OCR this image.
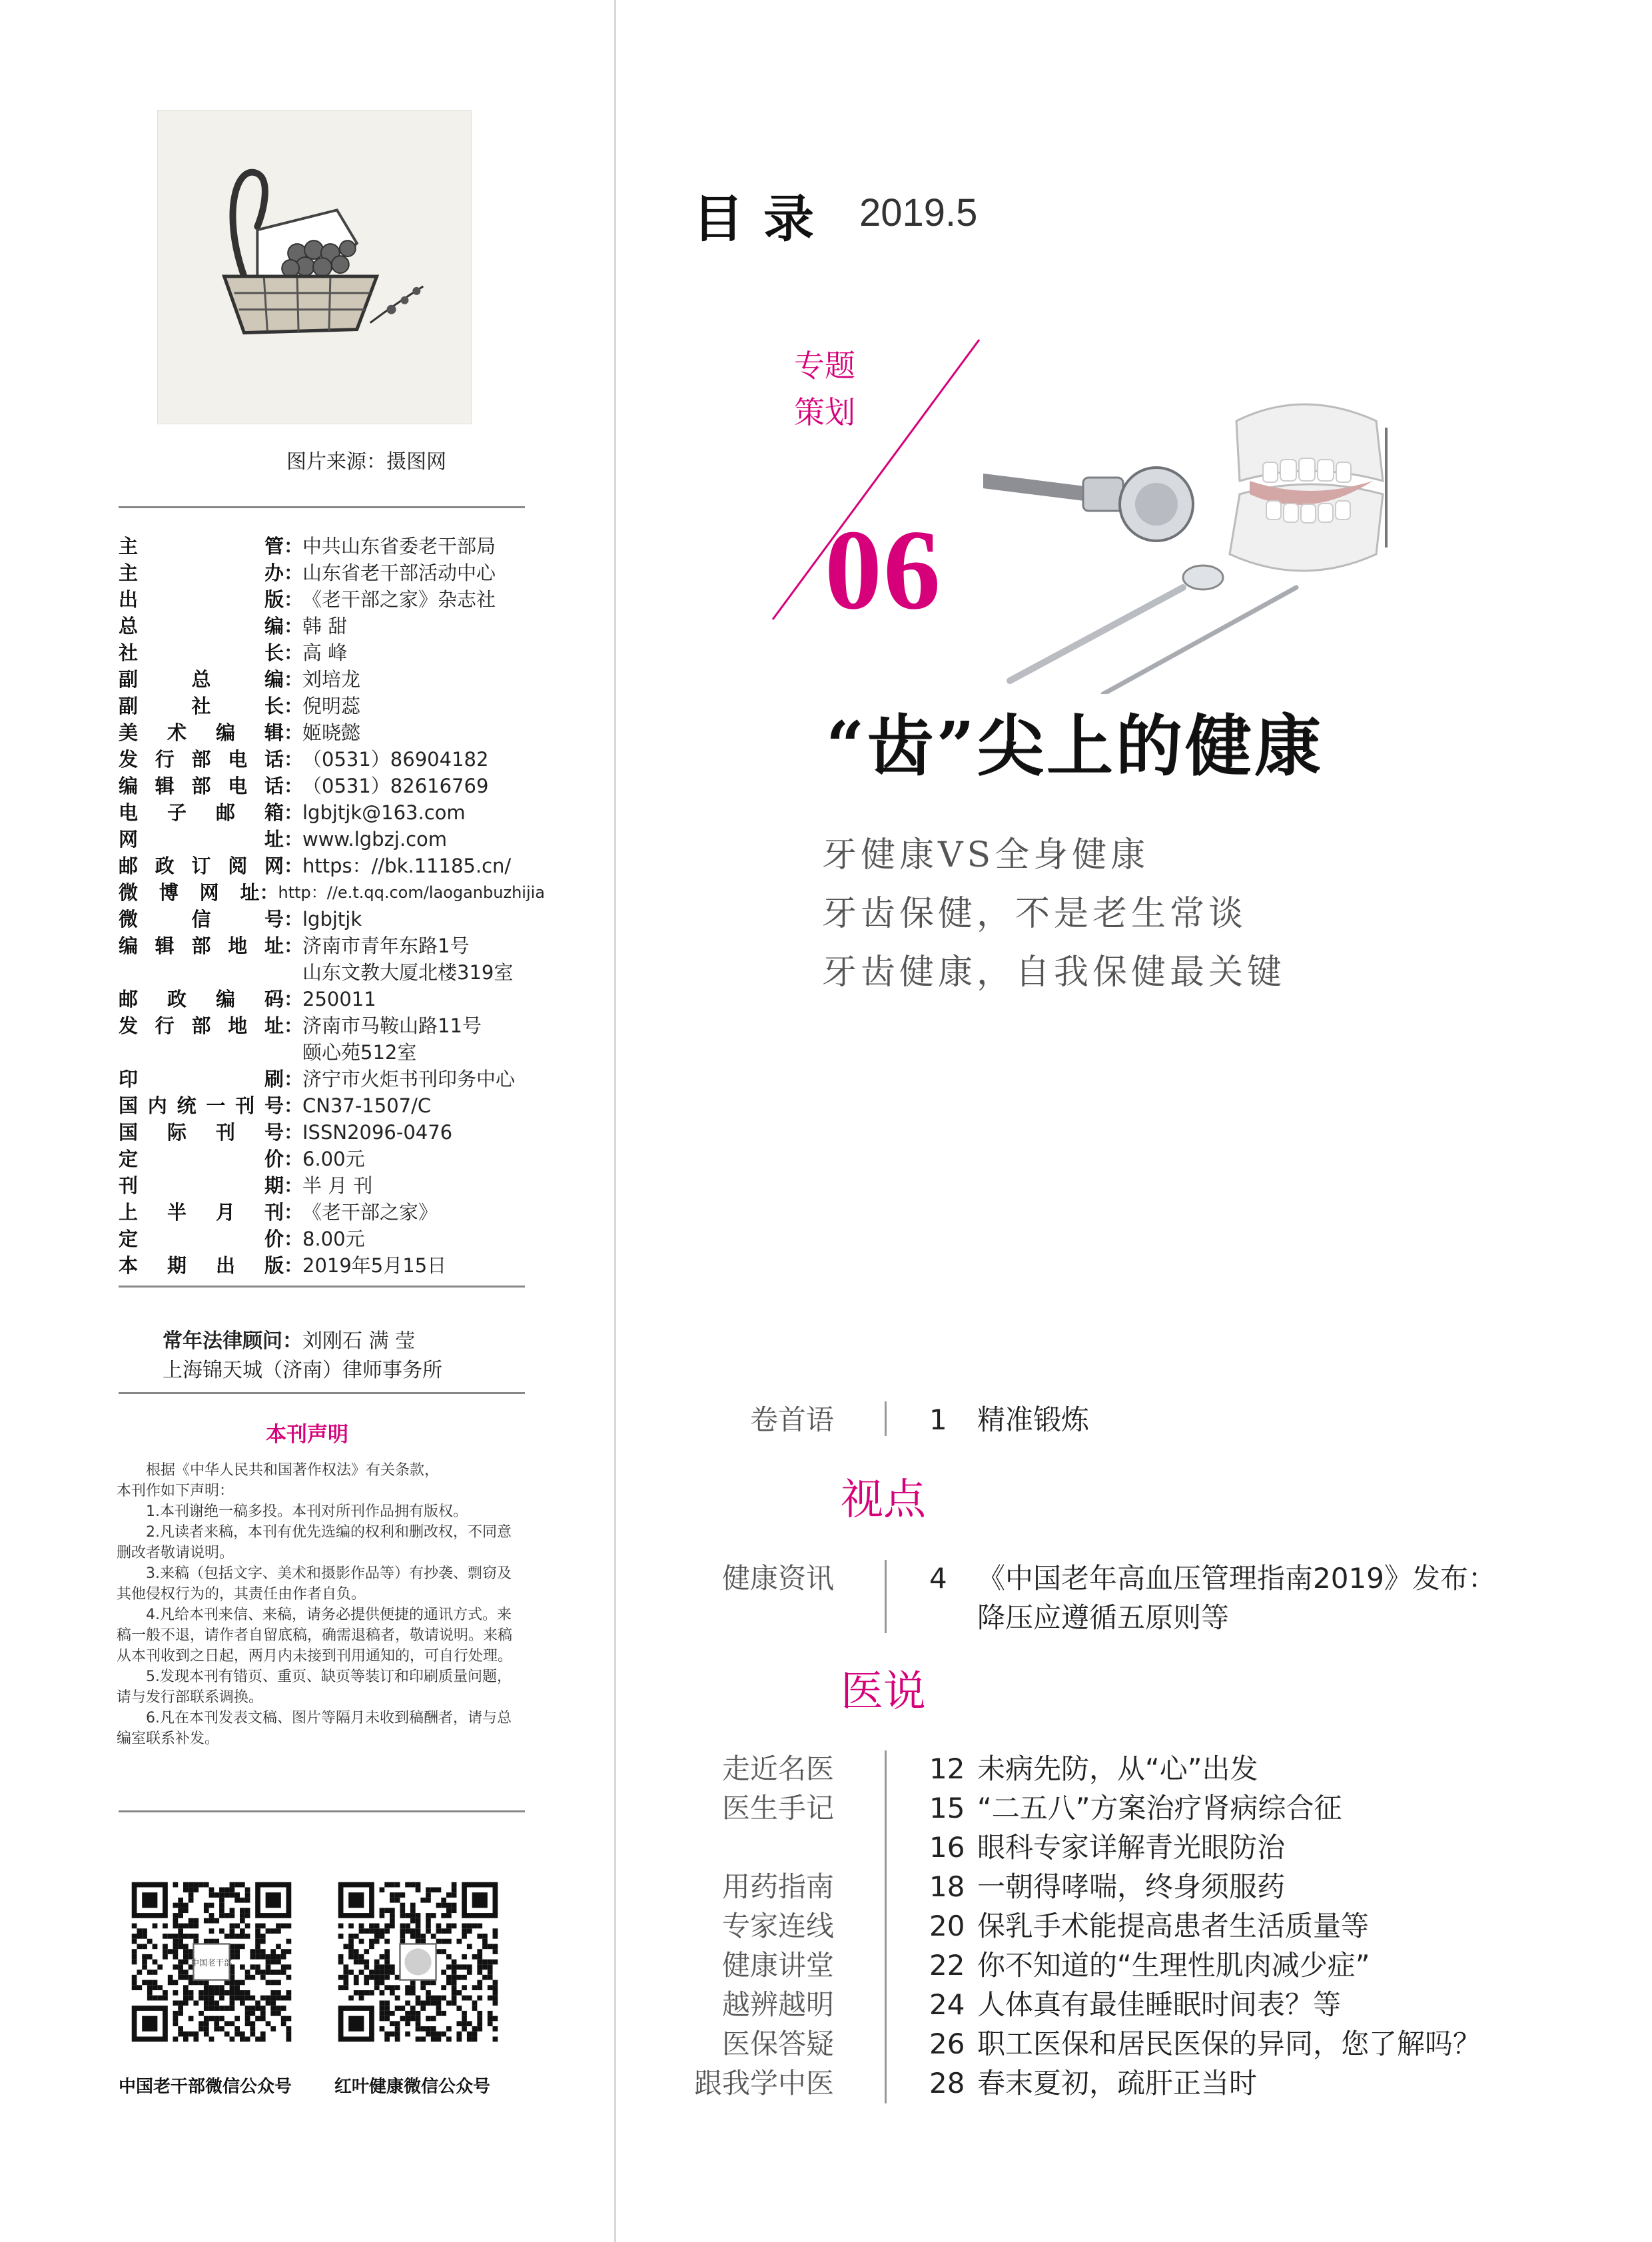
图片来源：摄图网
主	管 ：
中共山东省委老干部局
主	办 ：
山东省老干部活动中心
出	版 ：
《老干部之家》杂志社
总	编 ：
韩 甜
社	长 ：
高 峰
副	总	编 ：
刘培龙
副	社	长 ：
倪明蕊
美 术 编 辑 ：
姬晓懿
发 行 部 电 话 ：
（0531）86904182
编 辑 部 电 话 ：
（0531）82616769
电 子 邮 箱 ：
lgbjtjk@163.com
网	址 ：
www.lgbzj.com
邮 政 订 阅 网 ：
https：//bk.11185.cn/
微 博 网 址 ：
http：//e.t.qq.com/laoganbuzhijia
微	信	号 ：
lgbjtjk
编 辑 部 地 址 ：
济南市青年东路1号
山东文教大厦北楼319室
邮 政 编 码 ：
250011
发 行 部 地 址 ：
济南市马鞍山路11号
颐心苑512室
印	刷 ：
济宁市火炬书刊印务中心
国 内 统 一 刊 号 ：
CN37-1507/C
国 际 刊 号 ：
ISSN2096-0476
定	价 ：
6.00元
刊	期 ：
半 月 刊
上 半 月 刊 ：
《老干部之家》
定	价 ：
8.00元
本 期 出 版 ：
2019年5月15日
常年法律顾问：刘刚石 满 莹
上海锦天城（济南）律师事务所
本刊声明

根据《中华人民共和国著作权法》有关条款，

本刊作如下声明：

1.本刊谢绝一稿多投。本刊对所刊作品拥有版权。

2.凡读者来稿，本刊有优先选编的权利和删改权，不同意删改者敬请说明。

3.来稿（包括文字、美术和摄影作品等）有抄袭、剽窃及其他侵权行为的，其责任由作者自负。

4.凡给本刊来信、来稿，请务必提供便捷的通讯方式。来稿一般不退，请作者自留底稿，确需退稿者，敬请说明。来稿从本刊收到之日起，两月内未接到刊用通知的，可自行处理。

5.发现本刊有错页、重页、缺页等装订和印刷质量问题，请与发行部联系调换。

6.凡在本刊发表文稿、图片等隔月未收到稿酬者，请与总编室联系补发。

中国老干部
中国老干部微信公众号 红叶健康微信公众号
目录 2019.5
专题
策划
06
“齿”尖上的健康
牙健康VS全身健康
牙齿保健，不是老生常谈
牙齿健康，自我保健最关键
卷首语	1 精准锻炼
视点
健康资讯	4 《中国老年高血压管理指南2019》发布：
降压应遵循五原则等
医说
走近名医	12 未病先防，从“心”出发
医生手记	15 “二五八”方案治疗肾病综合征
16 眼科专家详解青光眼防治
用药指南	18 一朝得哮喘，终身须服药
专家连线	20 保乳手术能提高患者生活质量等
健康讲堂	22 你不知道的“生理性肌肉减少症”
越辨越明	24 人体真有最佳睡眠时间表？等
医保答疑	26 职工医保和居民医保的异同，您了解吗？
跟我学中医	28 春末夏初，疏肝正当时
